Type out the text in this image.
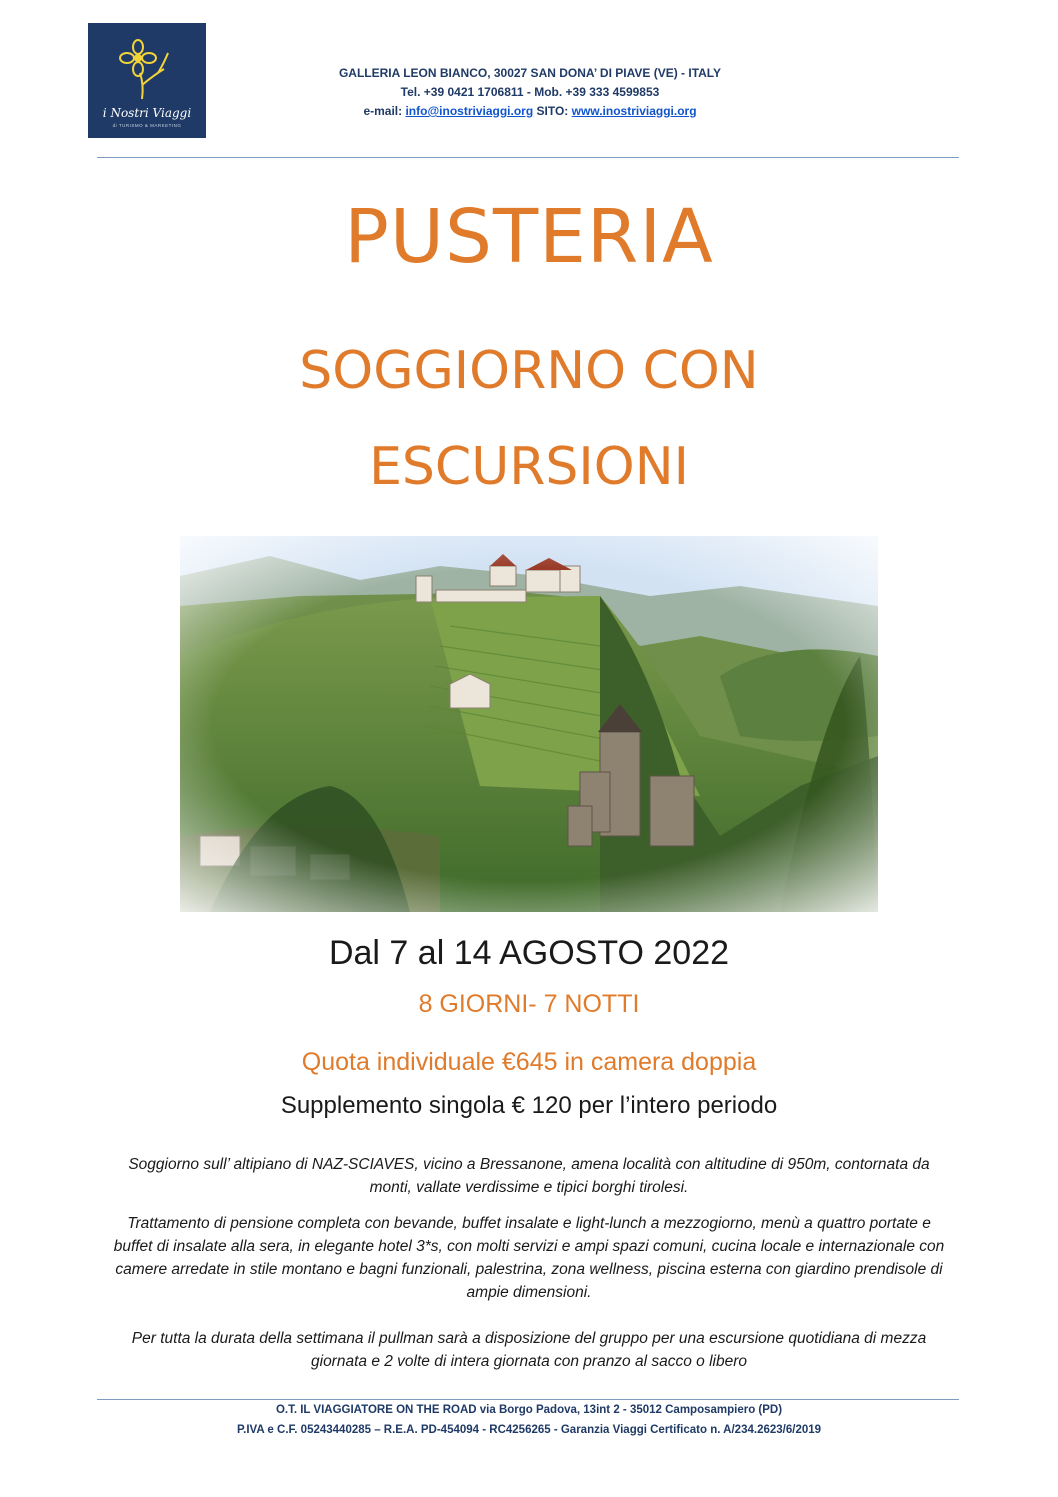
i Nostri Viaggi
di TURISMO & MARKETING
GALLERIA LEON BIANCO, 30027 SAN DONA’ DI PIAVE (VE) - ITALY
Tel. +39 0421 1706811 - Mob. +39 333 4599853
e-mail: info@inostriviaggi.org SITO: www.inostriviaggi.org
PUSTERIA
SOGGIORNO CON
ESCURSIONI
Dal 7 al 14 AGOSTO 2022
8 GIORNI- 7 NOTTI
Quota individuale €645 in camera doppia
Supplemento singola € 120 per l’intero periodo
Soggiorno sull’ altipiano di NAZ-SCIAVES, vicino a Bressanone, amena località con altitudine di 950m, contornata da monti, vallate verdissime e tipici borghi tirolesi.
Trattamento di pensione completa con bevande, buffet insalate e light-lunch a mezzogiorno, menù a quattro portate e buffet di insalate alla sera, in elegante hotel 3*s, con molti servizi e ampi spazi comuni, cucina locale e internazionale con camere arredate in stile montano e bagni funzionali, palestrina, zona wellness, piscina esterna con giardino prendisole di ampie dimensioni.
Per tutta la durata della settimana il pullman sarà a disposizione del gruppo per una escursione quotidiana di mezza giornata e 2 volte di intera giornata con pranzo al sacco o libero
O.T. IL VIAGGIATORE ON THE ROAD via Borgo Padova, 13int 2 - 35012 Camposampiero (PD)
P.IVA e C.F. 05243440285 – R.E.A. PD-454094 - RC4256265 - Garanzia Viaggi Certificato n. A/234.2623/6/2019
